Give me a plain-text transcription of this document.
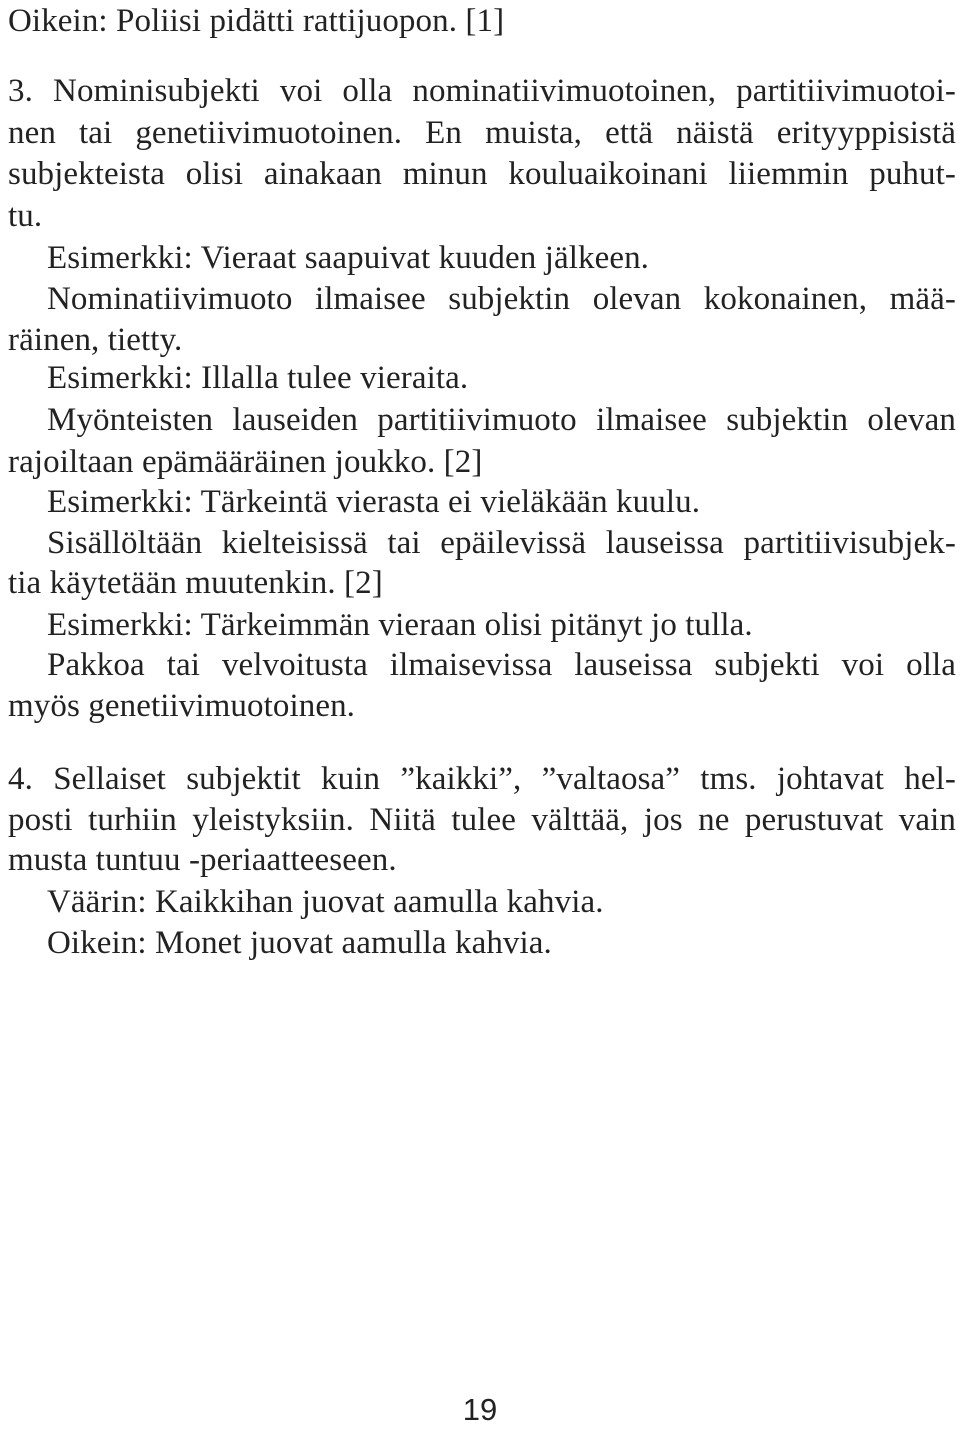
Oikein: Poliisi pidätti rattijuopon. [1]
3. Nominisubjekti voi olla nominatiivimuotoinen, partitiivimuotoi-
nen tai genetiivimuotoinen. En muista, että näistä erityyppisistä
subjekteista olisi ainakaan minun kouluaikoinani liiemmin puhut-
tu.
Esimerkki: Vieraat saapuivat kuuden jälkeen.
Nominatiivimuoto ilmaisee subjektin olevan kokonainen, mää-
räinen, tietty.
Esimerkki: Illalla tulee vieraita.
Myönteisten lauseiden partitiivimuoto ilmaisee subjektin olevan
rajoiltaan epämääräinen joukko. [2]
Esimerkki: Tärkeintä vierasta ei vieläkään kuulu.
Sisällöltään kielteisissä tai epäilevissä lauseissa partitiivisubjek-
tia käytetään muutenkin. [2]
Esimerkki: Tärkeimmän vieraan olisi pitänyt jo tulla.
Pakkoa tai velvoitusta ilmaisevissa lauseissa subjekti voi olla
myös genetiivimuotoinen.
4. Sellaiset subjektit kuin ”kaikki”, ”valtaosa” tms. johtavat hel-
posti turhiin yleistyksiin. Niitä tulee välttää, jos ne perustuvat vain
musta tuntuu -periaatteeseen.
Väärin: Kaikkihan juovat aamulla kahvia.
Oikein: Monet juovat aamulla kahvia.
19
